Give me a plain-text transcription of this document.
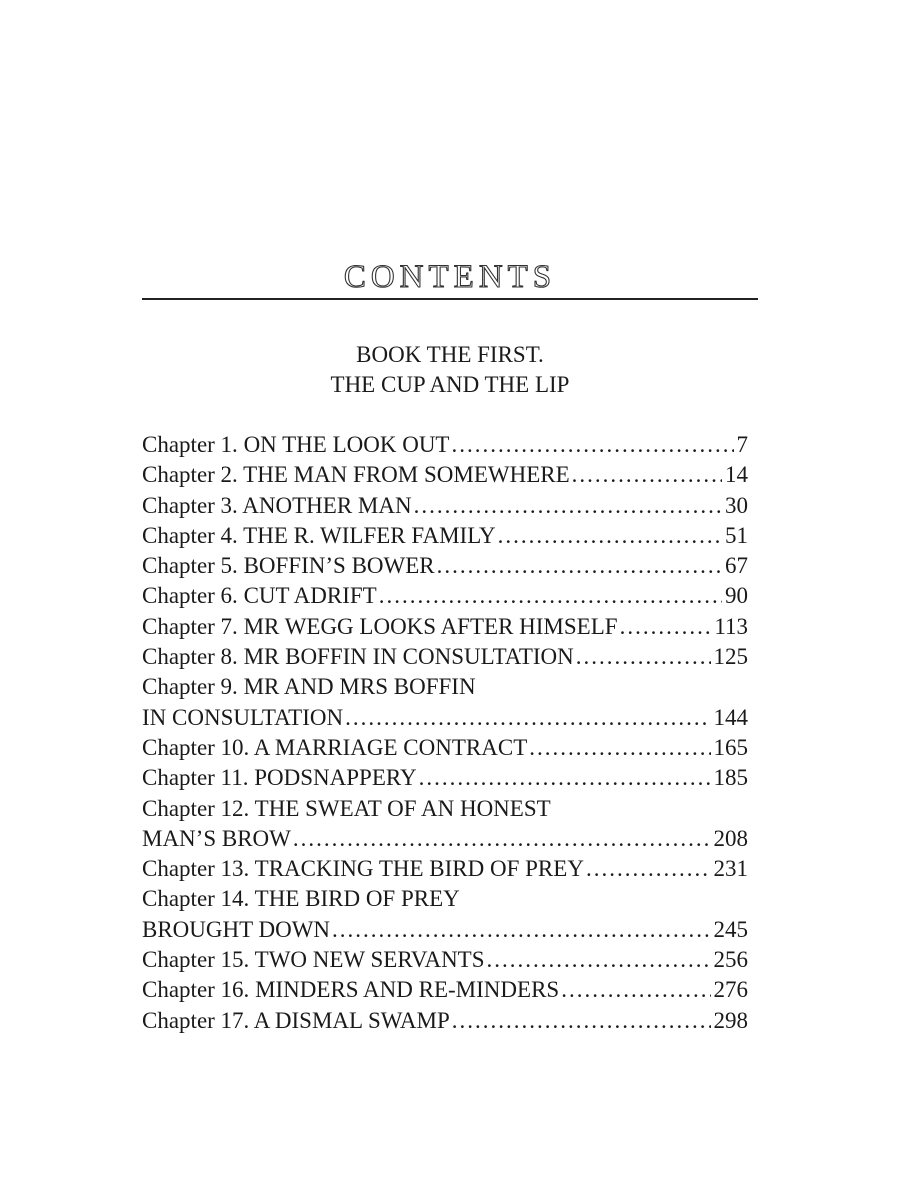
CONTENTS
BOOK THE FIRST.
THE CUP AND THE LIP
Chapter 1. ON THE LOOK OUT .....	7
Chapter 2. THE MAN FROM SOMEWHERE .....	14
Chapter 3. ANOTHER MAN .....	30
Chapter 4. THE R. WILFER FAMILY .....	51
Chapter 5. BOFFIN’S BOWER .....	67
Chapter 6. CUT ADRIFT .....	90
Chapter 7. MR WEGG LOOKS AFTER HIMSELF .....	113
Chapter 8. MR BOFFIN IN CONSULTATION .....	125
Chapter 9. MR AND MRS BOFFIN
IN CONSULTATION .....	144
Chapter 10. A MARRIAGE CONTRACT .....	165
Chapter 11. PODSNAPPERY .....	185
Chapter 12. THE SWEAT OF AN HONEST
MAN’S BROW .....	208
Chapter 13. TRACKING THE BIRD OF PREY .....	231
Chapter 14. THE BIRD OF PREY
BROUGHT DOWN .....	245
Chapter 15. TWO NEW SERVANTS .....	256
Chapter 16. MINDERS AND RE-MINDERS .....	276
Chapter 17. A DISMAL SWAMP .....	298
